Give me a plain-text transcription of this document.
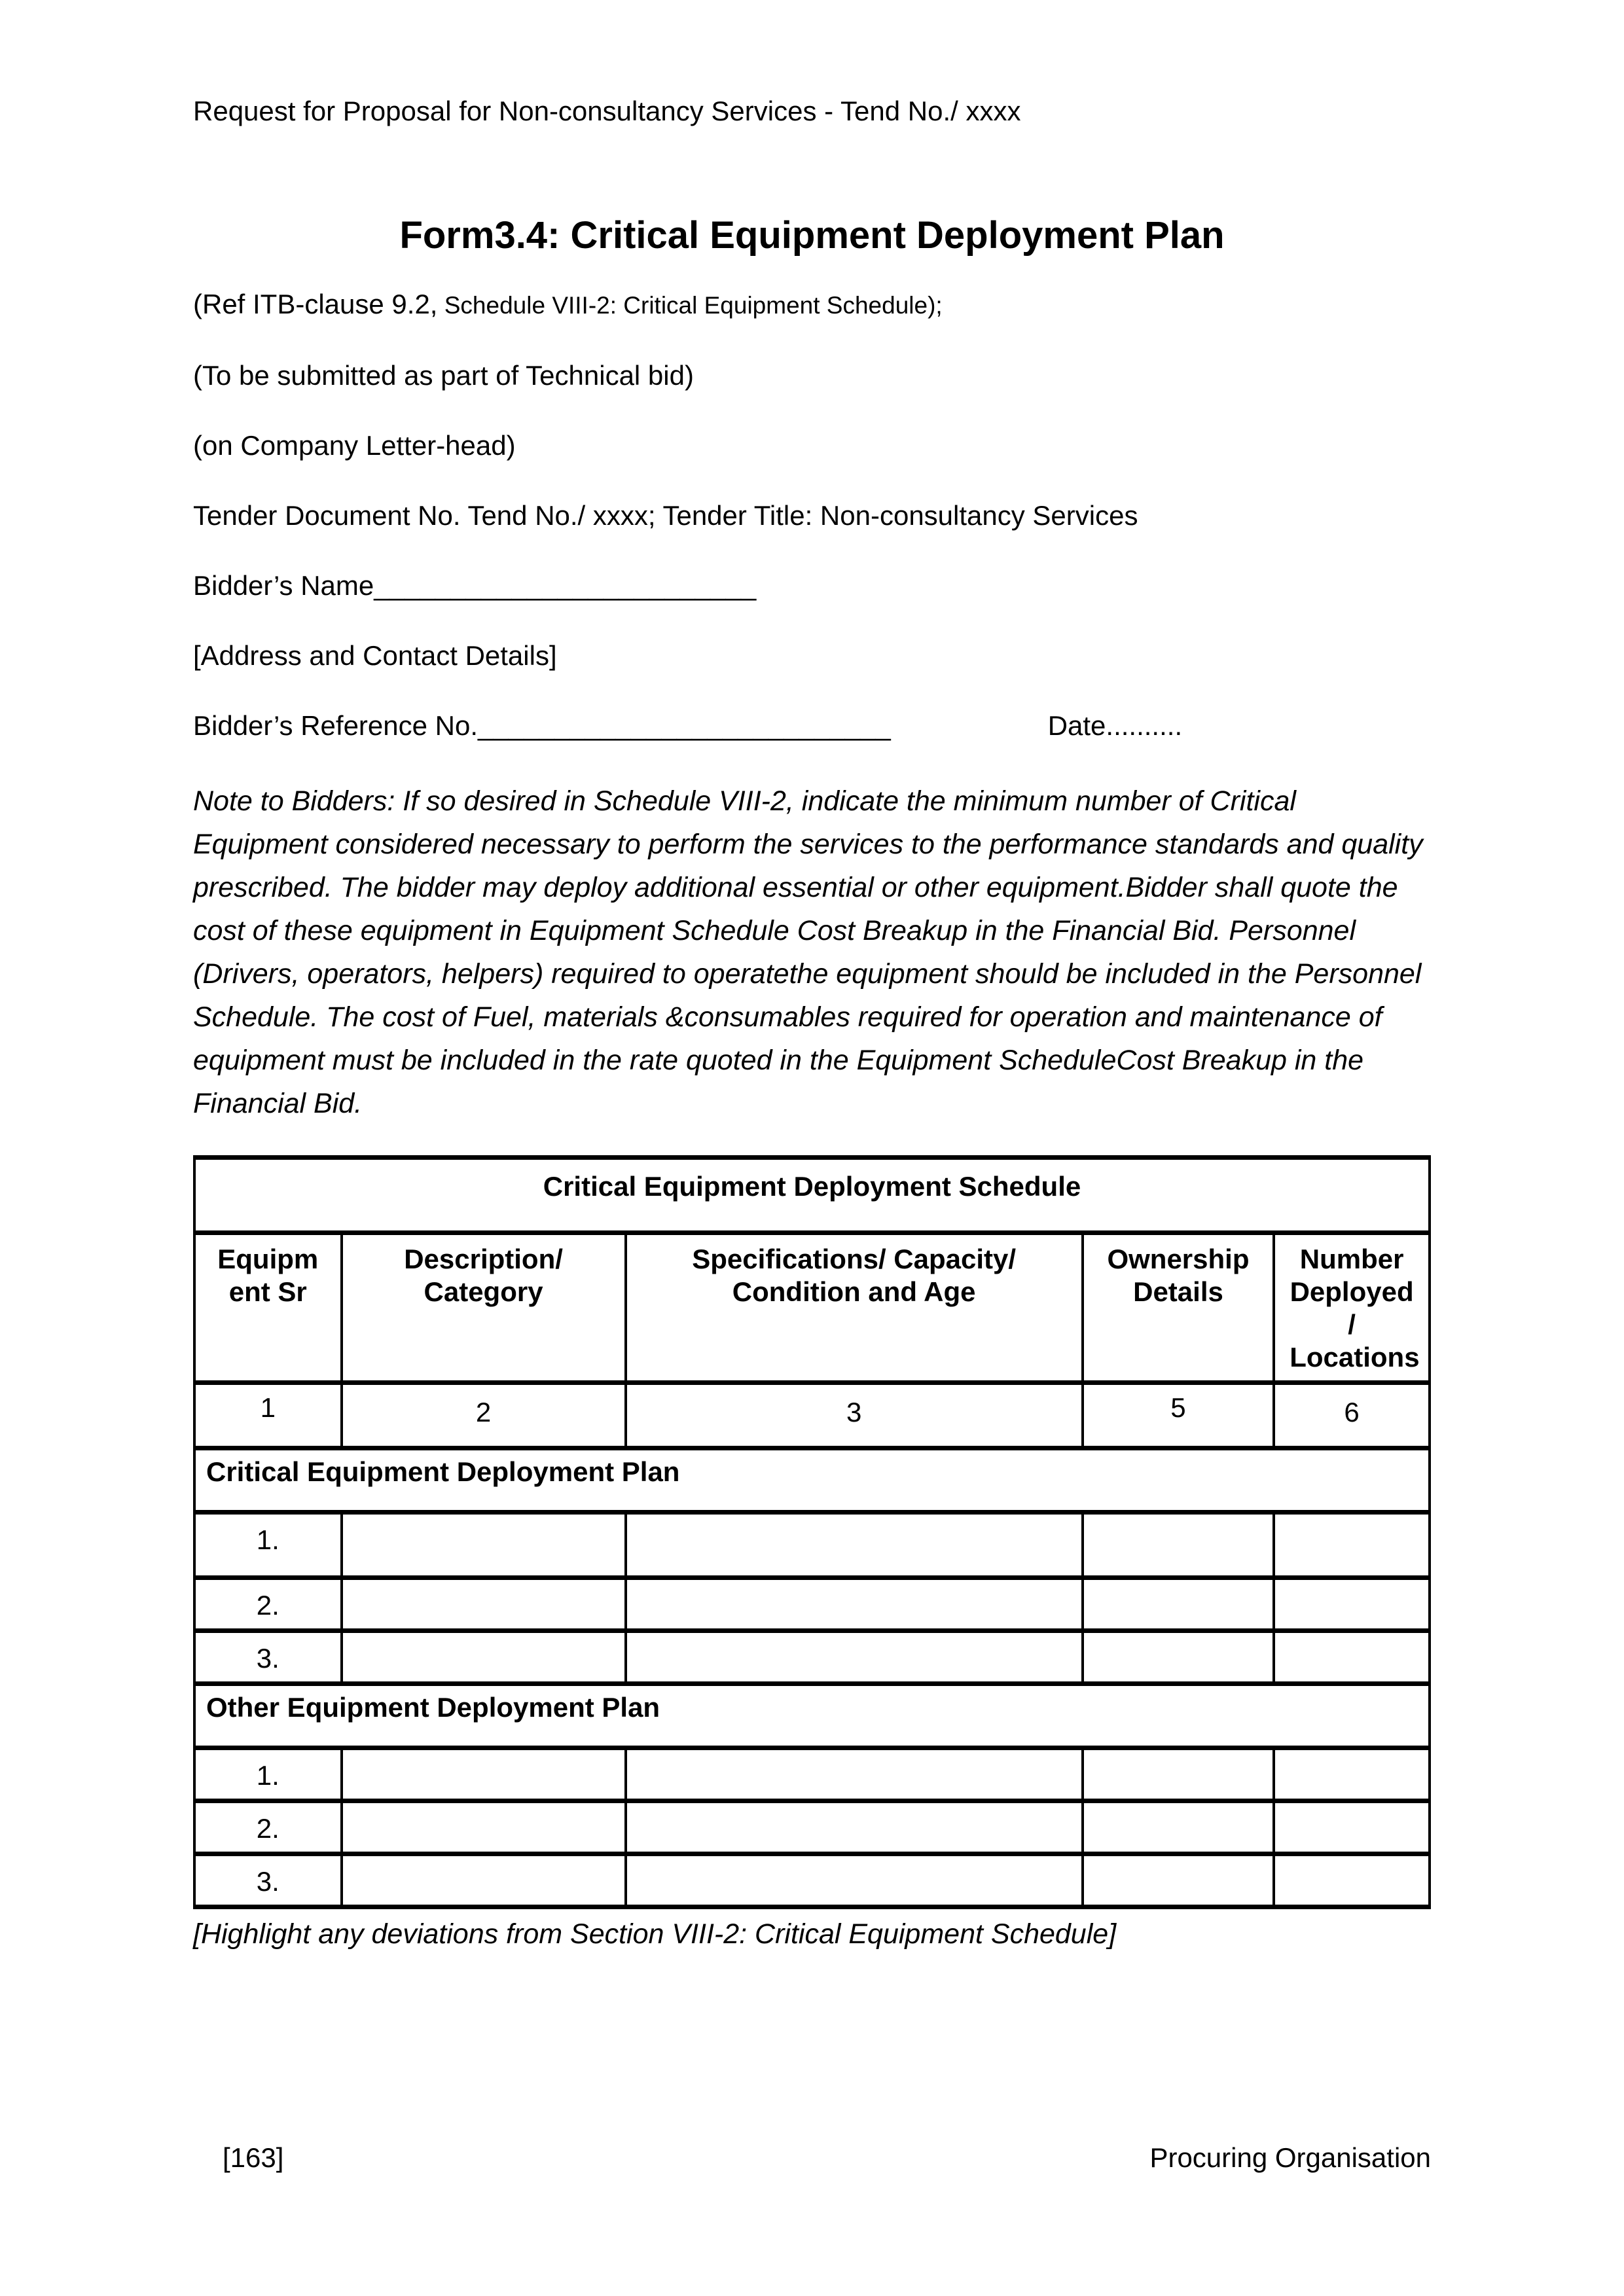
Request for Proposal for Non-consultancy Services - Tend No./ xxxx
Form3.4: Critical Equipment Deployment Plan

(Ref ITB-clause 9.2, Schedule VIII-2: Critical Equipment Schedule);

(To be submitted as part of Technical bid)

(on Company Letter-head)

Tender Document No. Tend No./ xxxx; Tender Title: Non-consultancy Services

Bidder’s Name_________________________

[Address and Contact Details]

Bidder’s Reference No.___________________________	Date..........

Note to Bidders: If so desired in Schedule VIII-2, indicate the minimum number of Critical Equipment considered necessary to perform the services to the performance standards and quality prescribed. The bidder may deploy additional essential or other equipment.Bidder shall quote the cost of these equipment in Equipment Schedule Cost Breakup in the Financial Bid. Personnel (Drivers, operators, helpers) required to operatethe equipment should be included in the Personnel Schedule. The cost of Fuel, materials &consumables required for operation and maintenance of equipment must be included in the rate quoted in the Equipment ScheduleCost Breakup in the Financial Bid.

Critical Equipment Deployment Schedule				
Equipment Sr	Description/ Category	Specifications/ Capacity/ Condition and Age	Ownership Details	Number Deployed / Locations
1	2	3	5	6
Critical Equipment Deployment Plan				
1.				
2.				
3.				
Other Equipment Deployment Plan				
1.				
2.				
3.				

[Highlight any deviations from Section VIII-2: Critical Equipment Schedule]

[163]	Procuring Organisation
